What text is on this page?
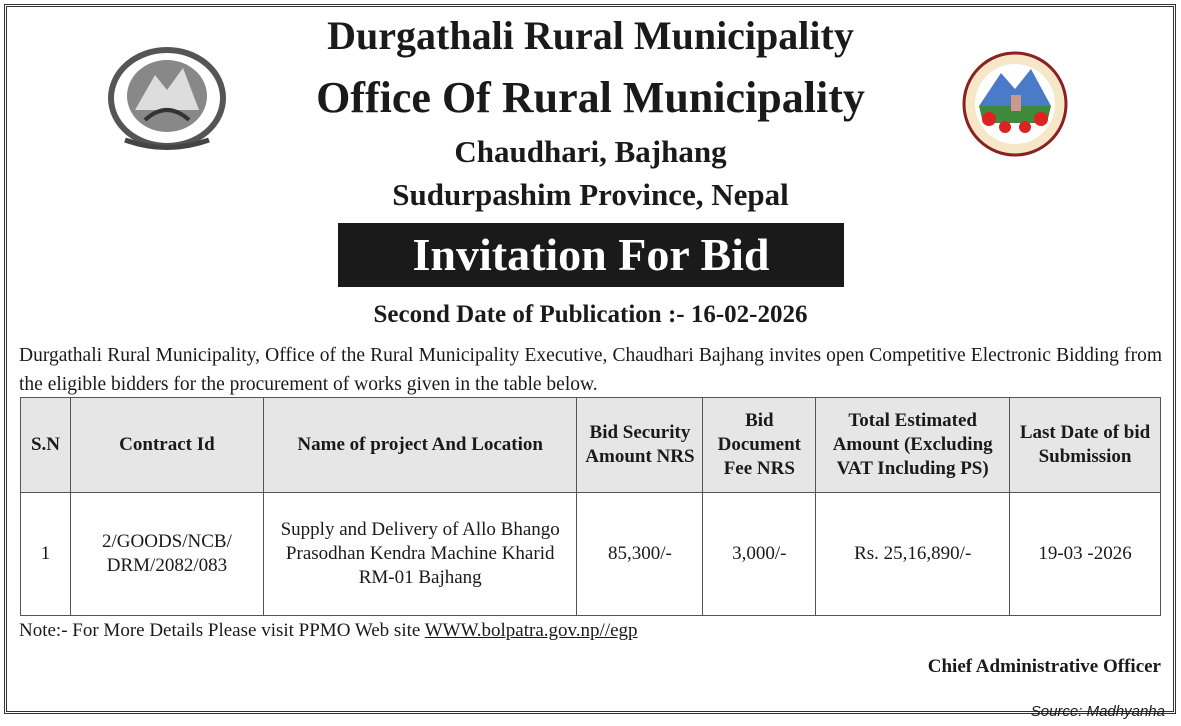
Durgathali Rural Municipality
Office Of Rural Municipality
Chaudhari, Bajhang
Sudurpashim Province, Nepal
Invitation For Bid
Second Date of Publication :- 16-02-2026
Durgathali Rural Municipality, Office of the Rural Municipality Executive, Chaudhari Bajhang invites open Competitive Electronic Bidding from the eligible bidders for the procurement of works given in the table below.
S.N	Contract Id	Name of project And Location	Bid Security Amount NRS	Bid Document Fee NRS	Total Estimated Amount (Excluding VAT Including PS)	Last Date of bid Submission
1	2/GOODS/NCB/ DRM/2082/083	Supply and Delivery of Allo Bhango Prasodhan Kendra Machine Kharid RM-01 Bajhang	85,300/-	3,000/-	Rs. 25,16,890/-	19-03 -2026
Note:- For More Details Please visit PPMO Web site WWW.bolpatra.gov.np//egp
Chief Administrative Officer
Source: Madhyanha
